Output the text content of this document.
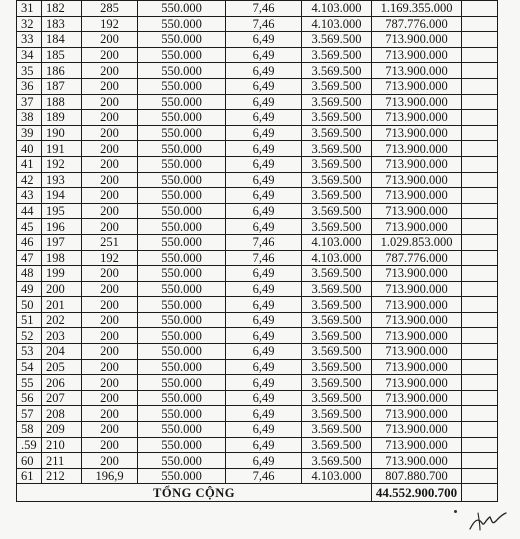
31	182	285	550.000	7,46	4.103.000	1.169.355.000	
32	183	192	550.000	7,46	4.103.000	787.776.000	
33	184	200	550.000	6,49	3.569.500	713.900.000	
34	185	200	550.000	6,49	3.569.500	713.900.000	
35	186	200	550.000	6,49	3.569.500	713.900.000	
36	187	200	550.000	6,49	3.569.500	713.900.000	
37	188	200	550.000	6,49	3.569.500	713.900.000	
38	189	200	550.000	6,49	3.569.500	713.900.000	
39	190	200	550.000	6,49	3.569.500	713.900.000	
40	191	200	550.000	6,49	3.569.500	713.900.000	
41	192	200	550.000	6,49	3.569.500	713.900.000	
42	193	200	550.000	6,49	3.569.500	713.900.000	
43	194	200	550.000	6,49	3.569.500	713.900.000	
44	195	200	550.000	6,49	3.569.500	713.900.000	
45	196	200	550.000	6,49	3.569.500	713.900.000	
46	197	251	550.000	7,46	4.103.000	1.029.853.000	
47	198	192	550.000	7,46	4.103.000	787.776.000	
48	199	200	550.000	6,49	3.569.500	713.900.000	
49	200	200	550.000	6,49	3.569.500	713.900.000	
50	201	200	550.000	6,49	3.569.500	713.900.000	
51	202	200	550.000	6,49	3.569.500	713.900.000	
52	203	200	550.000	6,49	3.569.500	713.900.000	
53	204	200	550.000	6,49	3.569.500	713.900.000	
54	205	200	550.000	6,49	3.569.500	713.900.000	
55	206	200	550.000	6,49	3.569.500	713.900.000	
56	207	200	550.000	6,49	3.569.500	713.900.000	
57	208	200	550.000	6,49	3.569.500	713.900.000	
58	209	200	550.000	6,49	3.569.500	713.900.000	
.59	210	200	550.000	6,49	3.569.500	713.900.000	
60	211	200	550.000	6,49	3.569.500	713.900.000	
61	212	196,9	550.000	7,46	4.103.000	807.880.700	
TỔNG CỘNG						44.552.900.700	
